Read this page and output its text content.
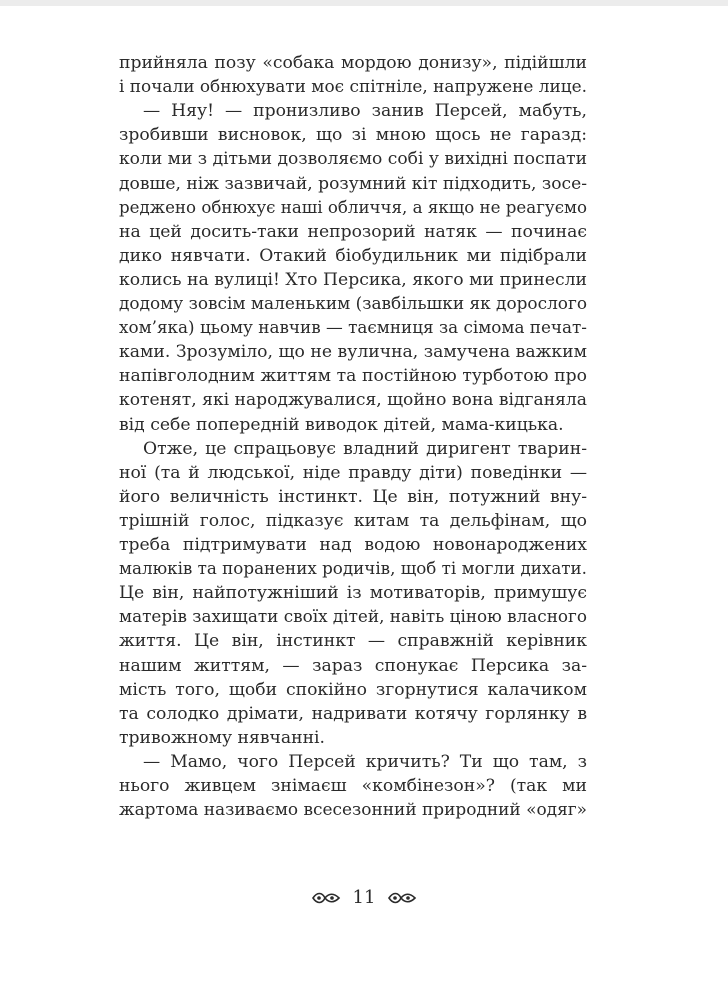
прийняла позу «собака мордою донизу», підійшли
і почали обнюхувати моє спітніле, напружене лице.
— Няу! — пронизливо занив Персей, мабуть,
зробивши висновок, що зі мною щось не гаразд:
коли ми з дітьми дозволяємо собі у вихідні поспати
довше, ніж зазвичай, розумний кіт підходить, зосе-
реджено обнюхує наші обличчя, а якщо не реагуємо
на цей досить-таки непрозорий натяк — починає
дико нявчати. Отакий біобудильник ми підібрали
колись на вулиці! Хто Персика, якого ми принесли
додому зовсім маленьким (завбільшки як дорослого
хом’яка) цьому навчив — таємниця за сімома печат-
ками. Зрозуміло, що не вулична, замучена важким
напівголодним життям та постійною турботою про
котенят, які народжувалися, щойно вона відганяла
від себе попередній виводок дітей, мама-кицька.
Отже, це спрацьовує владний диригент тварин-
ної (та й людської, ніде правду діти) поведінки —
його величність інстинкт. Це він, потужний вну-
трішній голос, підказує китам та дельфінам, що
треба підтримувати над водою новонароджених
малюків та поранених родичів, щоб ті могли дихати.
Це він, найпотужніший із мотиваторів, примушує
матерів захищати своїх дітей, навіть ціною власного
життя. Це він, інстинкт — справжній керівник
нашим життям, — зараз спонукає Персика за-
мість того, щоби спокійно згорнутися калачиком
та солодко дрімати, надривати котячу горлянку в
тривожному нявчанні.
— Мамо, чого Персей кричить? Ти що там, з
нього живцем знімаєш «комбінезон»? (так ми
жартома називаємо всесезонний природний «одяг»
11
